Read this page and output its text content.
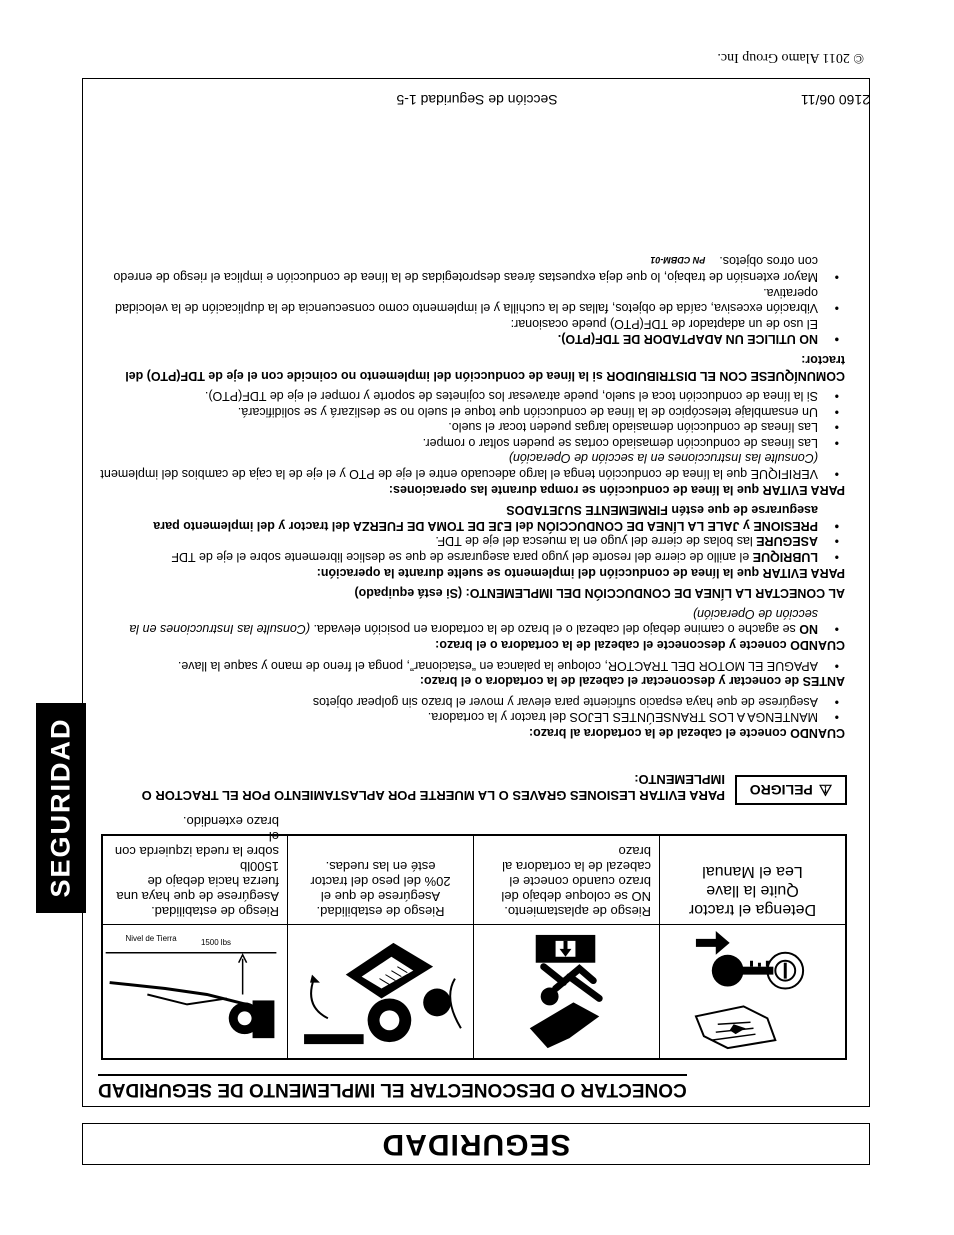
SEGURIDAD
CONECTAR O DESCONECTAR EL IMPLEMENTO DE SEGURIDAD
1500 lbs
Nivel de Tierra
Detenga el tractor
Quite la llave
Lea el Manual
Riesgo de aplastamiento.
NO se coloque debajo del
brazo cuando conecte el
cabezal de la cortadora al
brazo
Riesgo de estabilidad.
Asegúrese de que el
20% del peso del tractor
esté en las ruedas.
Riesgo de estabilidad.
Asegúrese de que haya una
fuerza hacia debajo de 1500lb
sobre la rueda izquierda con el
brazo extendido.
⚠
PELIGRO
PARA EVITAR LESIONES GRAVES O LA MUERTE POR APLASTAMIENTO POR EL TRACTOR O IMPLEMENTO:

CUANDO conecte el cabezal de la cortadora al brazo:

• MANTENGA A LOS TRANSEÚNTES LEJOS del tractor y la cortadora.
• Asegúrese de que haya espacio suficiente para elevar y mover el brazo sin golpear objetos

ANTES de conectar y desconectar el cabezal de la cortadora o el brazo:

• APAGUE EL MOTOR DEL TRACTOR, coloque la palanca en “estacionar”, ponga el freno de mano y saque la llave.

CUANDO conecte y desconecte el cabezal de la cortadora o el brazo:

• NO se agache o camine debajo del cabezal o el brazo de la cortadora en posición elevada. (Consulte las Instrucciones en la sección de Operación)

AL CONECTAR LA LÍNEA DE CONDUCCIÓN DEL IMPLEMENTO: (Si está equipado)

PARA EVITAR que la línea de conducción del implemento se suelte durante la operación:

• LUBRIQUE el anillo de cierre del resorte del yugo para asegurarse de que se deslice libremente sobre el eje de TDF
• ASEGURE las bolas de cierre del yugo en la muesca del eje de TDF.
• PRESIONE y JALE LA LÍNEA DE CONDUCCIÓN del EJE DE TOMA DE FUERZA del tractor y del implemento para asegurarse de que estén FIRMEMENTE SUJETADOS

PARA EVITAR que la línea de conducción se rompa durante las operaciones:

• VERIFIQUE que la línea de conducción tenga el largo adecuado entre el eje de PTO y el eje de la caja de cambios del implement (Consulte las Instrucciones en la sección de Operación)
• Las líneas de conducción demasiado cortas se pueden soltar o romper.
• Las líneas de conducción demasiado largas pueden tocar el suelo.
• Un ensamblaje telescópico de la línea de conducción que toque el suelo no se deslizará y se solidificará.
• Si la línea de conducción toca el suelo, puede atravesar los cojinetes de soporte y romper el eje de TDF(PTO).

COMUNÍQUESE CON EL DISTRIBUIDOR si la línea de conducción del implemento no coincide con el eje de TDF(PTO) del tractor:

• NO UTILICE UN ADAPTADOR DE TDF(PTO).

El uso de un adaptador de TDF(PTO) puede ocasionar:

• Vibración excesiva, caída de objetos, fallas de la cuchilla y el implemento como consecuencia de la duplicación de la velocidad operativa.
• Mayor extensión de trabajo, lo que deja expuestas áreas desprotegidas de la línea de conducción e implica el riesgo de enredo con otros objetos.PN CDBM-01
SEGURIDAD
2160 06/11
Sección de Seguridad 1-5
© 2011 Alamo Group Inc.
